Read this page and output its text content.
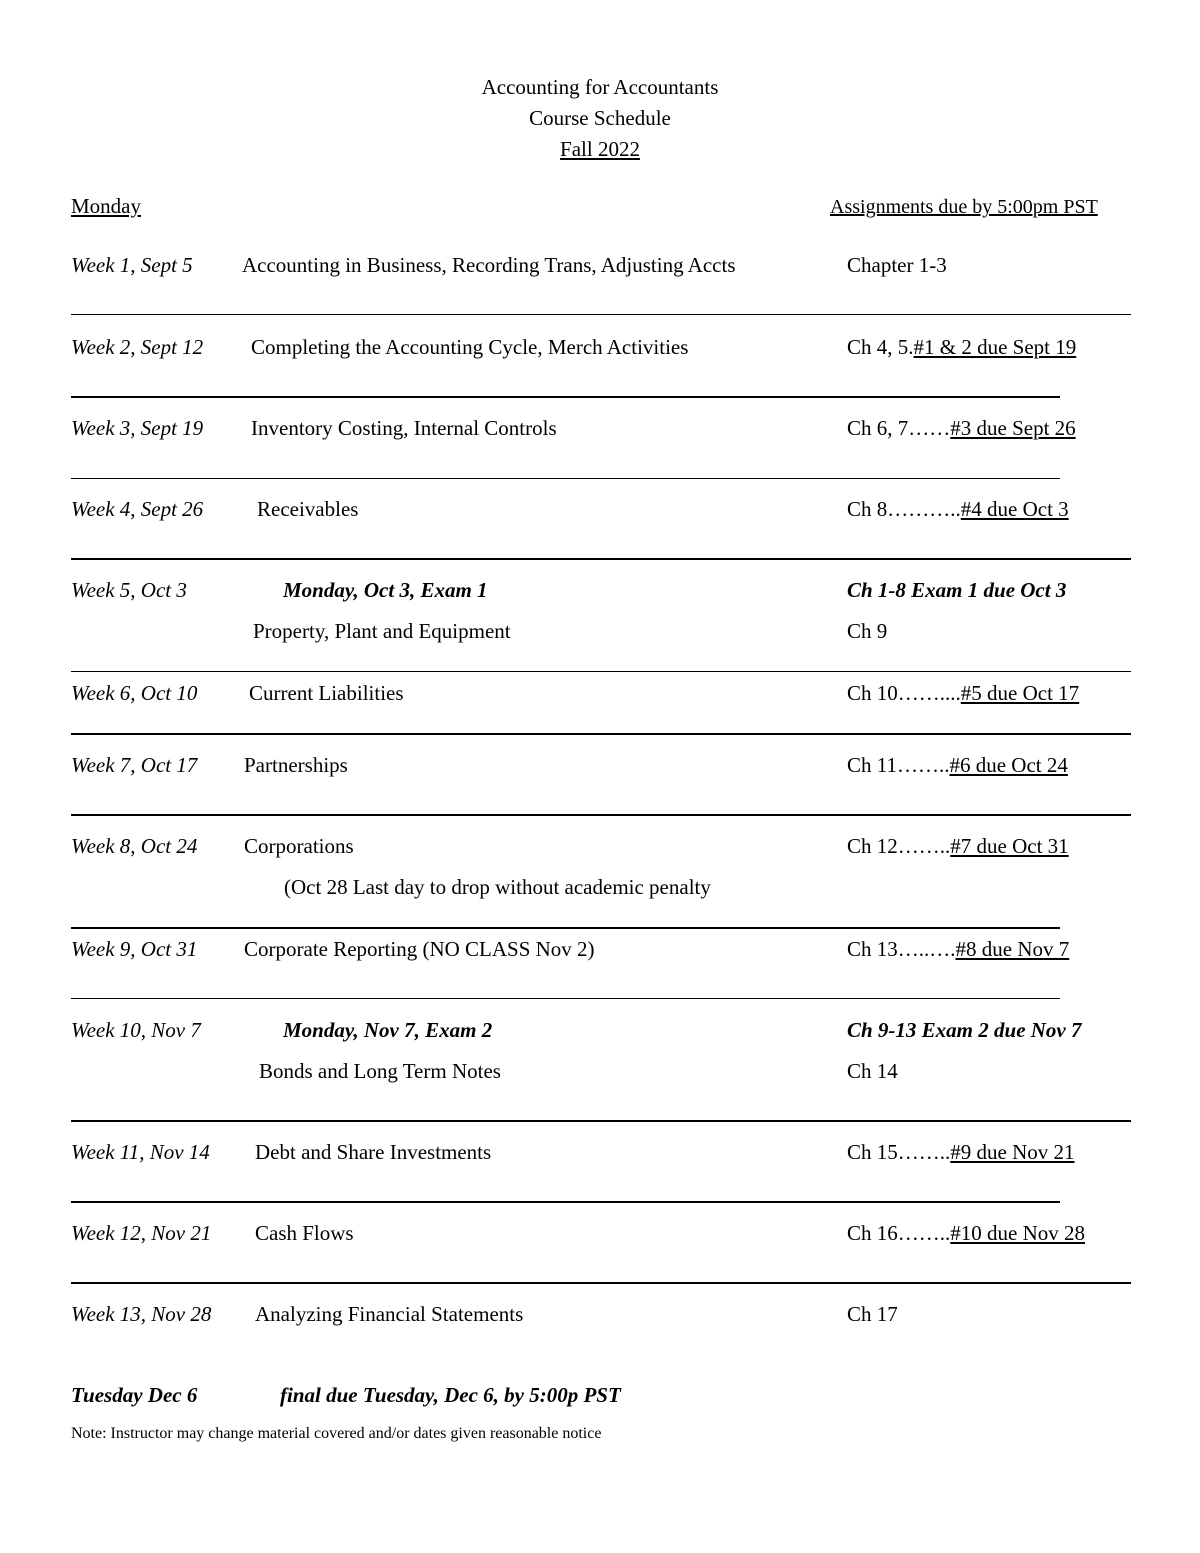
Accounting for Accountants
Course Schedule
Fall 2022
Monday	Assignments due by 5:00pm PST
Week 1, Sept 5 Accounting in Business, Recording Trans, Adjusting Accts	Chapter 1-3
Week 2, Sept 12 Completing the Accounting Cycle, Merch Activities	Ch 4, 5.#1 & 2 due Sept 19
Week 3, Sept 19 Inventory Costing, Internal Controls	Ch 6, 7……#3 due Sept 26
Week 4, Sept 26	Receivables	Ch 8………..#4 due Oct 3
Week 5, Oct 3	Monday, Oct 3, Exam 1	Ch 1-8 Exam 1 due Oct 3
Property, Plant and Equipment	Ch 9
Week 6, Oct 10 Current Liabilities	Ch 10……....#5 due Oct 17
Week 7, Oct 17 Partnerships	Ch 11……..#6 due Oct 24
Week 8, Oct 24 Corporations	Ch 12……..#7 due Oct 31
(Oct 28 Last day to drop without academic penalty
Week 9, Oct 31 Corporate Reporting (NO CLASS Nov 2)	Ch 13…..….#8 due Nov 7
Week 10, Nov 7	Monday, Nov 7, Exam 2	Ch 9-13 Exam 2 due Nov 7
Bonds and Long Term Notes	Ch 14
Week 11, Nov 14 Debt and Share Investments	Ch 15……..#9 due Nov 21
Week 12, Nov 21 Cash Flows	Ch 16……..#10 due Nov 28
Week 13, Nov 28 Analyzing Financial Statements	Ch 17
Tuesday Dec 6	final due Tuesday, Dec 6, by 5:00p PST
Note: Instructor may change material covered and/or dates given reasonable notice
